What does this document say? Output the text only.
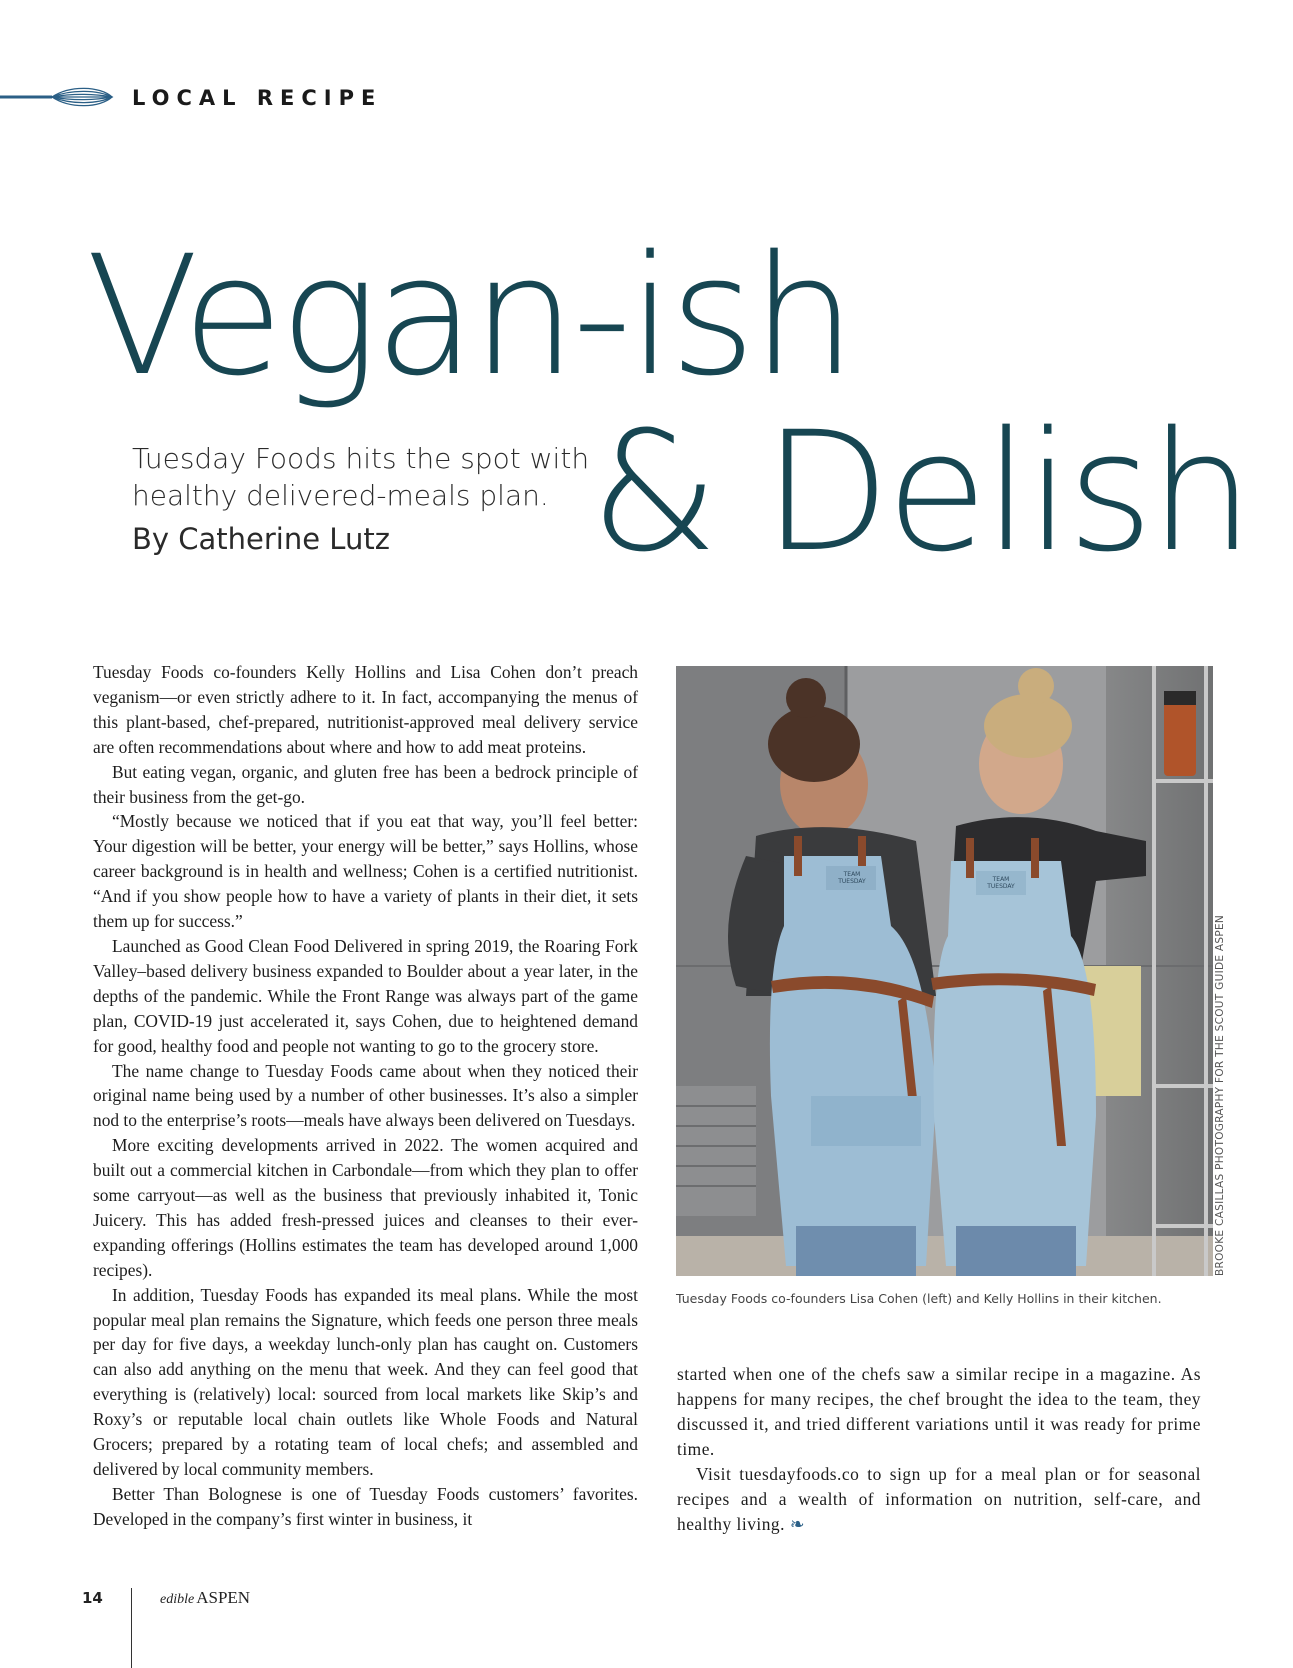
LOCAL RECIPE
Vegan-ish
& Delish
Tuesday Foods hits the spot with healthy delivered-meals plan.
By Catherine Lutz

Tuesday Foods co-founders Kelly Hollins and Lisa Cohen don’t preach veganism—or even strictly adhere to it. In fact, accompanying the menus of this plant-based, chef-prepared, nutritionist-approved meal delivery service are often recommendations about where and how to add meat proteins.

But eating vegan, organic, and gluten free has been a bedrock principle of their business from the get-go.

“Mostly because we noticed that if you eat that way, you’ll feel better: Your digestion will be better, your energy will be better,” says Hollins, whose career background is in health and wellness; Cohen is a certified nutritionist. “And if you show people how to have a variety of plants in their diet, it sets them up for success.”

Launched as Good Clean Food Delivered in spring 2019, the Roaring Fork Valley–based delivery business expanded to Boulder about a year later, in the depths of the pandemic. While the Front Range was always part of the game plan, COVID-19 just accelerated it, says Cohen, due to heightened demand for good, healthy food and people not wanting to go to the grocery store.

The name change to Tuesday Foods came about when they noticed their original name being used by a number of other businesses. It’s also a simpler nod to the enterprise’s roots—meals have always been delivered on Tuesdays.

More exciting developments arrived in 2022. The women acquired and built out a commercial kitchen in Carbondale—from which they plan to offer some carryout—as well as the business that previously inhabited it, Tonic Juicery. This has added fresh-pressed juices and cleanses to their ever-expanding offerings (Hollins estimates the team has developed around 1,000 recipes).

In addition, Tuesday Foods has expanded its meal plans. While the most popular meal plan remains the Signature, which feeds one person three meals per day for five days, a weekday lunch-only plan has caught on. Customers can also add anything on the menu that week. And they can feel good that everything is (relatively) local: sourced from local markets like Skip’s and Roxy’s or reputable local chain outlets like Whole Foods and Natural Grocers; prepared by a rotating team of local chefs; and assembled and delivered by local community members.

Better Than Bolognese is one of Tuesday Foods customers’ favorites. Developed in the company’s first winter in business, it

TEAM TUESDAY	TEAM TUESDAY
BROOKE CASILLAS PHOTOGRAPHY FOR THE SCOUT GUIDE ASPEN
Tuesday Foods co-founders Lisa Cohen (left) and Kelly Hollins in their kitchen.

started when one of the chefs saw a similar recipe in a magazine. As happens for many recipes, the chef brought the idea to the team, they discussed it, and tried different variations until it was ready for prime time.

Visit tuesdayfoods.co to sign up for a meal plan or for seasonal recipes and a wealth of information on nutrition, self-care, and healthy living. ❧

14	edible ASPEN
